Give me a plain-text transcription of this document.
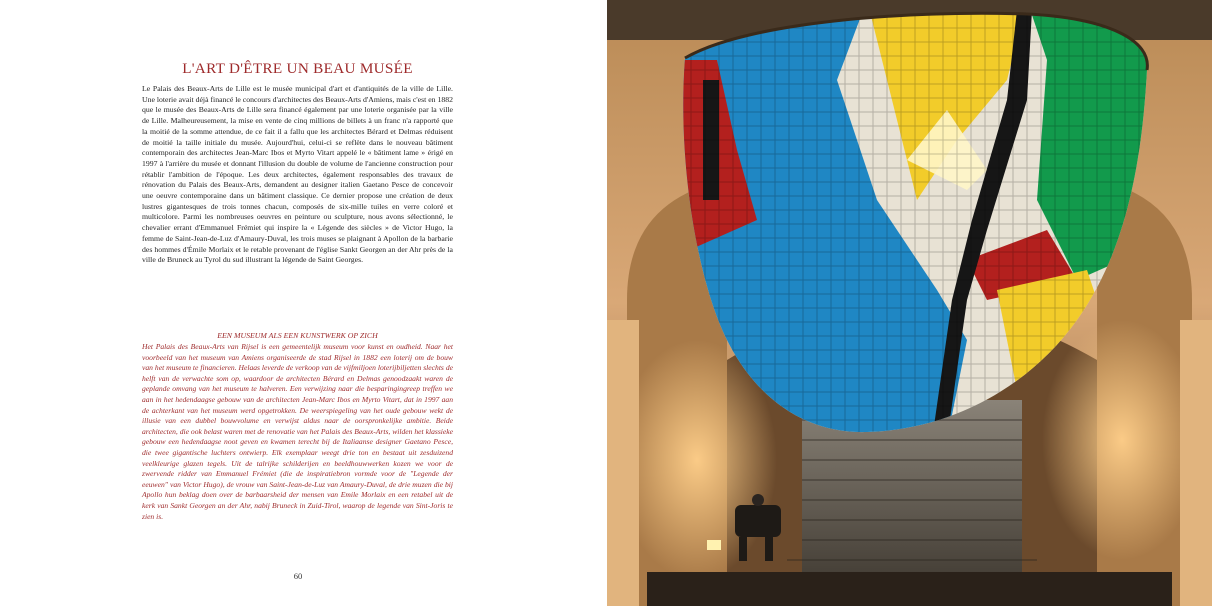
L'ART D'ÊTRE UN BEAU MUSÉE
Le Palais des Beaux-Arts de Lille est le musée municipal d'art et d'antiquités de la ville de Lille. Une loterie avait déjà financé le concours d'architectes des Beaux-Arts d'Amiens, mais c'est en 1882 que le musée des Beaux-Arts de Lille sera financé également par une loterie organisée par la ville de Lille. Malheureusement, la mise en vente de cinq millions de billets à un franc n'a rapporté que la moitié de la somme attendue, de ce fait il a fallu que les architectes Bérard et Delmas réduisent de moitié la taille initiale du musée. Aujourd'hui, celui-ci se reflète dans le nouveau bâtiment contemporain des architectes Jean-Marc Ibos et Myrto Vitart appelé le « bâtiment lame » érigé en 1997 à l'arrière du musée et donnant l'illusion du double de volume de l'ancienne construction pour rétablir l'ambition de l'époque. Les deux architectes, également responsables des travaux de rénovation du Palais des Beaux-Arts, demandent au designer italien Gaetano Pesce de concevoir une oeuvre contemporaine dans un bâtiment classique. Ce dernier propose une création de deux lustres gigantesques de trois tonnes chacun, composés de six-mille tuiles en verre coloré et multicolore. Parmi les nombreuses oeuvres en peinture ou sculpture, nous avons sélectionné, le chevalier errant d'Emmanuel Frémiet qui inspire la « Légende des siècles » de Victor Hugo, la femme de Saint-Jean-de-Luz d'Amaury-Duval, les trois muses se plaignant à Apollon de la barbarie des hommes d'Émile Morlaix et le retable provenant de l'église Sankt Georgen an der Ahr près de la ville de Bruneck au Tyrol du sud illustrant la légende de Saint Georges.
EEN MUSEUM ALS EEN KUNSTWERK OP ZICH
Het Palais des Beaux-Arts van Rijsel is een gemeentelijk museum voor kunst en oudheid. Naar het voorbeeld van het museum van Amiens organiseerde de stad Rijsel in 1882 een loterij om de bouw van het museum te financieren. Helaas leverde de verkoop van de vijfmiljoen loterijbiljetten slechts de helft van de verwachte som op, waardoor de architecten Bérard en Delmas genoodzaakt waren de geplande omvang van het museum te halveren. Een verwijzing naar die besparingingreep treffen we aan in het hedendaagse gebouw van de architecten Jean-Marc Ibos en Myrto Vitart, dat in 1997 aan de achterkant van het museum werd opgetrokken. De weerspiegeling van het oude gebouw wekt de illusie van een dubbel bouwvolume en verwijst aldus naar de oorspronkelijke ambitie. Beide architecten, die ook belast waren met de renovatie van het Palais des Beaux-Arts, wilden het klassieke gebouw een hedendaagse noot geven en kwamen terecht bij de Italiaanse designer Gaetano Pesce, die twee gigantische luchters ontwierp. Elk exemplaar weegt drie ton en bestaat uit zesduizend veelkleurige glazen tegels. Uit de talrijke schilderijen en beeldhouwwerken kozen we voor de zwervende ridder van Emmanuel Frémiet (die de inspiratiebron vormde voor de "Legende der eeuwen" van Victor Hugo), de vrouw van Saint-Jean-de-Luz van Amaury-Duval, de drie muzen die bij Apollo hun beklag doen over de barbaarsheid der mensen van Emile Morlaix en een retabel uit de kerk van Sankt Georgen an der Ahr, nabij Bruneck in Zuid-Tirol, waarop de legende van Sint-Joris te zien is.
60
